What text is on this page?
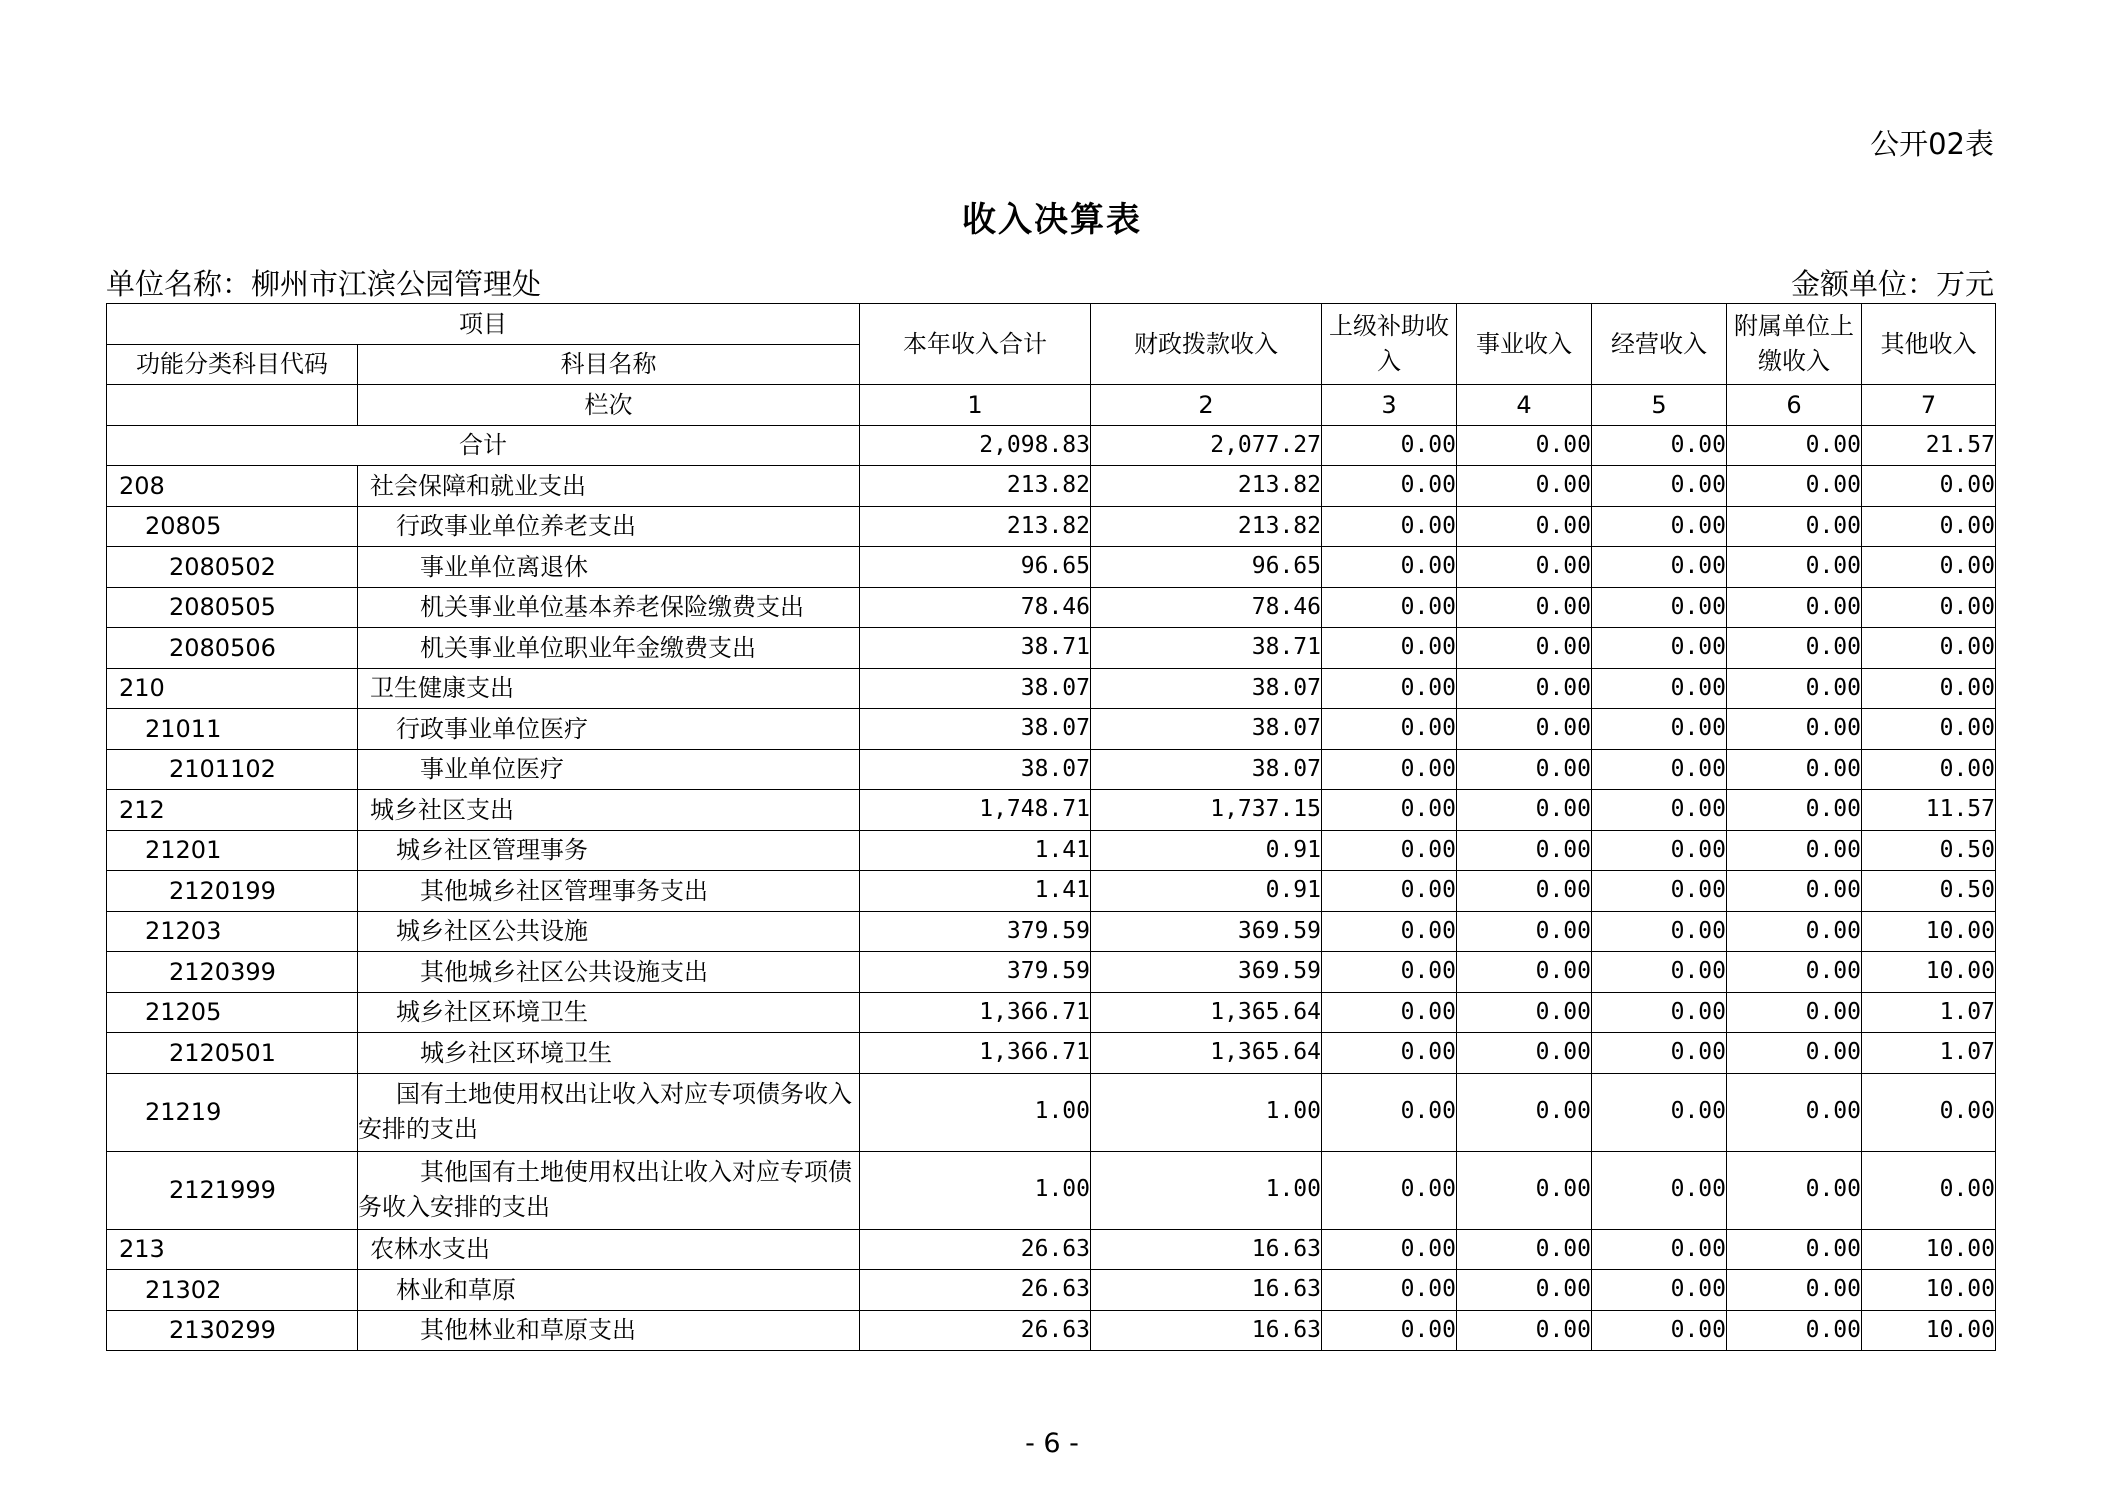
公开02表
收入决算表
单位名称：柳州市江滨公园管理处	金额单位：万元
项目		本年收入合计	财政拨款收入	上级补助收入	事业收入	经营收入	附属单位上缴收入	其他收入
功能分类科目代码	科目名称							
	栏次	1	2	3	4	5	6	7
合计		2,098.83	2,077.27	0.00	0.00	0.00	0.00	21.57
208	社会保障和就业支出	213.82	213.82	0.00	0.00	0.00	0.00	0.00
20805	行政事业单位养老支出	213.82	213.82	0.00	0.00	0.00	0.00	0.00
2080502	事业单位离退休	96.65	96.65	0.00	0.00	0.00	0.00	0.00
2080505	机关事业单位基本养老保险缴费支出	78.46	78.46	0.00	0.00	0.00	0.00	0.00
2080506	机关事业单位职业年金缴费支出	38.71	38.71	0.00	0.00	0.00	0.00	0.00
210	卫生健康支出	38.07	38.07	0.00	0.00	0.00	0.00	0.00
21011	行政事业单位医疗	38.07	38.07	0.00	0.00	0.00	0.00	0.00
2101102	事业单位医疗	38.07	38.07	0.00	0.00	0.00	0.00	0.00
212	城乡社区支出	1,748.71	1,737.15	0.00	0.00	0.00	0.00	11.57
21201	城乡社区管理事务	1.41	0.91	0.00	0.00	0.00	0.00	0.50
2120199	其他城乡社区管理事务支出	1.41	0.91	0.00	0.00	0.00	0.00	0.50
21203	城乡社区公共设施	379.59	369.59	0.00	0.00	0.00	0.00	10.00
2120399	其他城乡社区公共设施支出	379.59	369.59	0.00	0.00	0.00	0.00	10.00
21205	城乡社区环境卫生	1,366.71	1,365.64	0.00	0.00	0.00	0.00	1.07
2120501	城乡社区环境卫生	1,366.71	1,365.64	0.00	0.00	0.00	0.00	1.07
21219	国有土地使用权出让收入对应专项债务收入安排的支出	1.00	1.00	0.00	0.00	0.00	0.00	0.00
2121999	其他国有土地使用权出让收入对应专项债务收入安排的支出	1.00	1.00	0.00	0.00	0.00	0.00	0.00
213	农林水支出	26.63	16.63	0.00	0.00	0.00	0.00	10.00
21302	林业和草原	26.63	16.63	0.00	0.00	0.00	0.00	10.00
2130299	其他林业和草原支出	26.63	16.63	0.00	0.00	0.00	0.00	10.00
- 6 -
